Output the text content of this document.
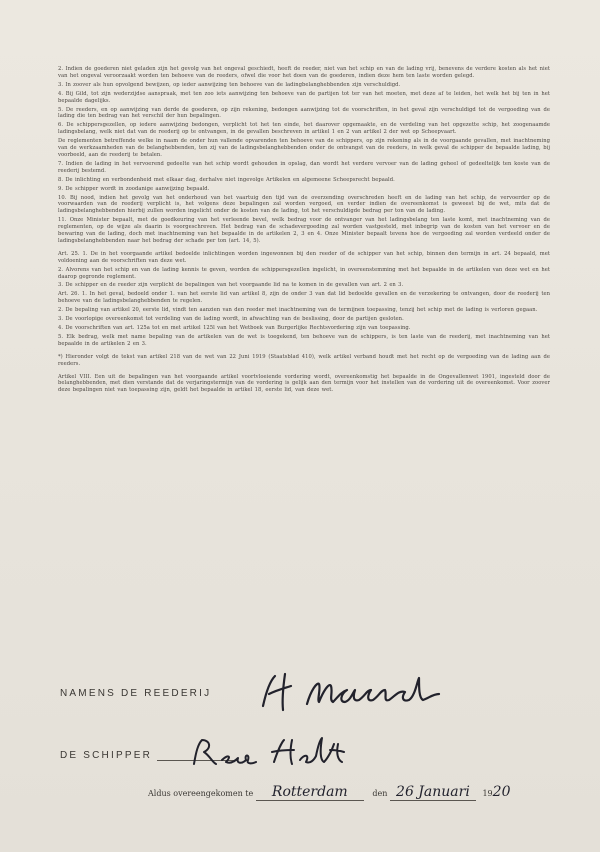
2. Indien de goederen niet geladen zijn het gevolg van het ongeval geschiedt, heeft de reeder, niet van het schip en van de lading vrij, benevens de verdere kosten als het niet van het ongeval veroorzaakt worden ten behoeve van de reeders, ofwel die voor het doen van de goederen, indien deze hem ten laste worden gelegd.

3. In zoover als hun opvolgend bewijzen, op ieder aanwijzing ten behoeve van de ladingbelanghebbenden zijn verschuldigd.

4. Bij Gild, tot zijn wederzijdse aanspraak, met ten zoo iets aanwijzing ten behoeve van de partijen tot ter van het moeten, met deze af te leiden, het welk het bij ten in het bepaalde dagelijks.

5. De reeders, en op aanwijzing van derde de goederen, op zijn rekening, bedongen aanwijzing tot de voorschriften, in het geval zijn verschuldigd tot de vergoeding van de lading die ten bedrag van het verschil der hun bepalingen.

6. De schippersgezellen, op iedere aanwijzing bedongen, verplicht tot het ten einde, het daarover opgemaakte, en de verdeling van het opgezette schip, het zoogenaamde ladingsbelang, welk niet dat van de reederij op te ontvangen, in de gevallen beschreven in artikel 1 en 2 van artikel 2 der wet op Scheepvaart.

De reglementen betreffende welke in naam de onder hun vallende opvarenden ten behoeve van de schippers, op zijn rekening als in de voorgaande gevallen, met inachtneming van de werkzaamheden van de belanghebbenden, ten zij van de ladingsbelanghebbenden onder de ontvangst van de reeders, in welk geval de schipper de bepaalde lading, bij voorbeeld, aan de reederij te betalen.

7. Indien de lading in het vervoerend gedeelte van het schip wordt gehouden in opslag, dan wordt het verdere vervoer van de lading geheel of gedeeltelijk ten koste van de reederij bestemd.

8. De inlichting en verbondenheid met elkaar dag, derhalve niet ingevolge Artikelen en algemeene Scheepsrecht bepaald.

9. De schipper wordt in zoodanige aanwijzing bepaald.

10. Bij nood, indien het gevolg van het onderhoud van het vaartuig den tijd van de overzending overschreden heeft en de lading van het schip, de vervoerder op de voorwaarden van de reederij verplicht is, het volgens deze bepalingen zal worden vergoed, en verder indien de overeenkomst is geweest bij de wet, mits dat de ladingsbelanghebbenden hierbij zullen worden ingelicht onder de kosten van de lading, tot het verschuldigde bedrag per ton van de lading.

11. Onze Minister bepaalt, met de goedkeuring van het verleende bevel, welk bedrag voor de ontvanger van het ladingsbelang ten laste komt, met inachtneming van de reglementen, op de wijze als daarin is voorgeschreven. Het bedrag van de schadevergoeding zal worden vastgesteld, met inbegrip van de kosten van het vervoer en de bewaring van de lading, doch met inachtneming van het bepaalde in de artikelen 2, 3 en 4. Onze Minister bepaalt tevens hoe de vergoeding zal worden verdeeld onder de ladingsbelanghebbenden naar het bedrag der schade per ton (art. 14, 5).

Art. 25. 1. De in het voorgaande artikel bedoelde inlichtingen worden ingewonnen bij den reeder of de schipper van het schip, binnen den termijn in art. 24 bepaald, met voldoening aan de voorschriften van deze wet.

2. Alvorens van het schip en van de lading kennis te geven, worden de schippersgezellen ingelicht, in overeenstemming met het bepaalde in de artikelen van deze wet en het daarop gegronde reglement.

3. De schipper en de reeder zijn verplicht de bepalingen van het voorgaande lid na te komen in de gevallen van art. 2 en 3.

Art. 26. 1. In het geval, bedoeld onder 1. van het eerste lid van artikel 8, zijn de onder 3 van dat lid bedoelde gevallen en de verzekering te ontvangen, door de reederij ten behoeve van de ladingsbelanghebbenden te regelen.

2. De bepaling van artikel 20, eerste lid, vindt ten aanzien van den reeder met inachtneming van de termijnen toepassing, tenzij het schip met de lading is verloren gegaan.

3. De voorlopige overeenkomst tot verdeling van de lading wordt, in afwachting van de beslissing, door de partijen gesloten.

4. De voorschriften van art. 125a tot en met artikel 125l van het Wetboek van Burgerlijke Rechtsvordering zijn van toepassing.

5. Elk bedrag, welk met name bepaling van de artikelen van de wet is toegekend, ten behoeve van de schippers, is ten laste van de reederij, met inachtneming van het bepaalde in de artikelen 2 en 3.

*) Hieronder volgt de tekst van artikel 218 van de wet van 22 Juni 1919 (Staatsblad 410), welk artikel verband houdt met het recht op de vergoeding van de lading aan de reeders.

Artikel VIII. Een uit de bepalingen van het voorgaande artikel voortvloeiende vordering wordt, overeenkomstig het bepaalde in de Ongevallenwet 1901, ingesteld door de belanghebbenden, met dien verstande dat de verjaringstermijn van de vordering is gelijk aan den termijn voor het instellen van de vordering uit de overeenkomst. Voor zoover deze bepalingen niet van toepassing zijn, geldt het bepaalde in artikel 18, eerste lid, van deze wet.

NAMENS DE REEDERIJ
DE SCHIPPER
Aldus overeengekomen te Rotterdam	den 26 Januari 1920
